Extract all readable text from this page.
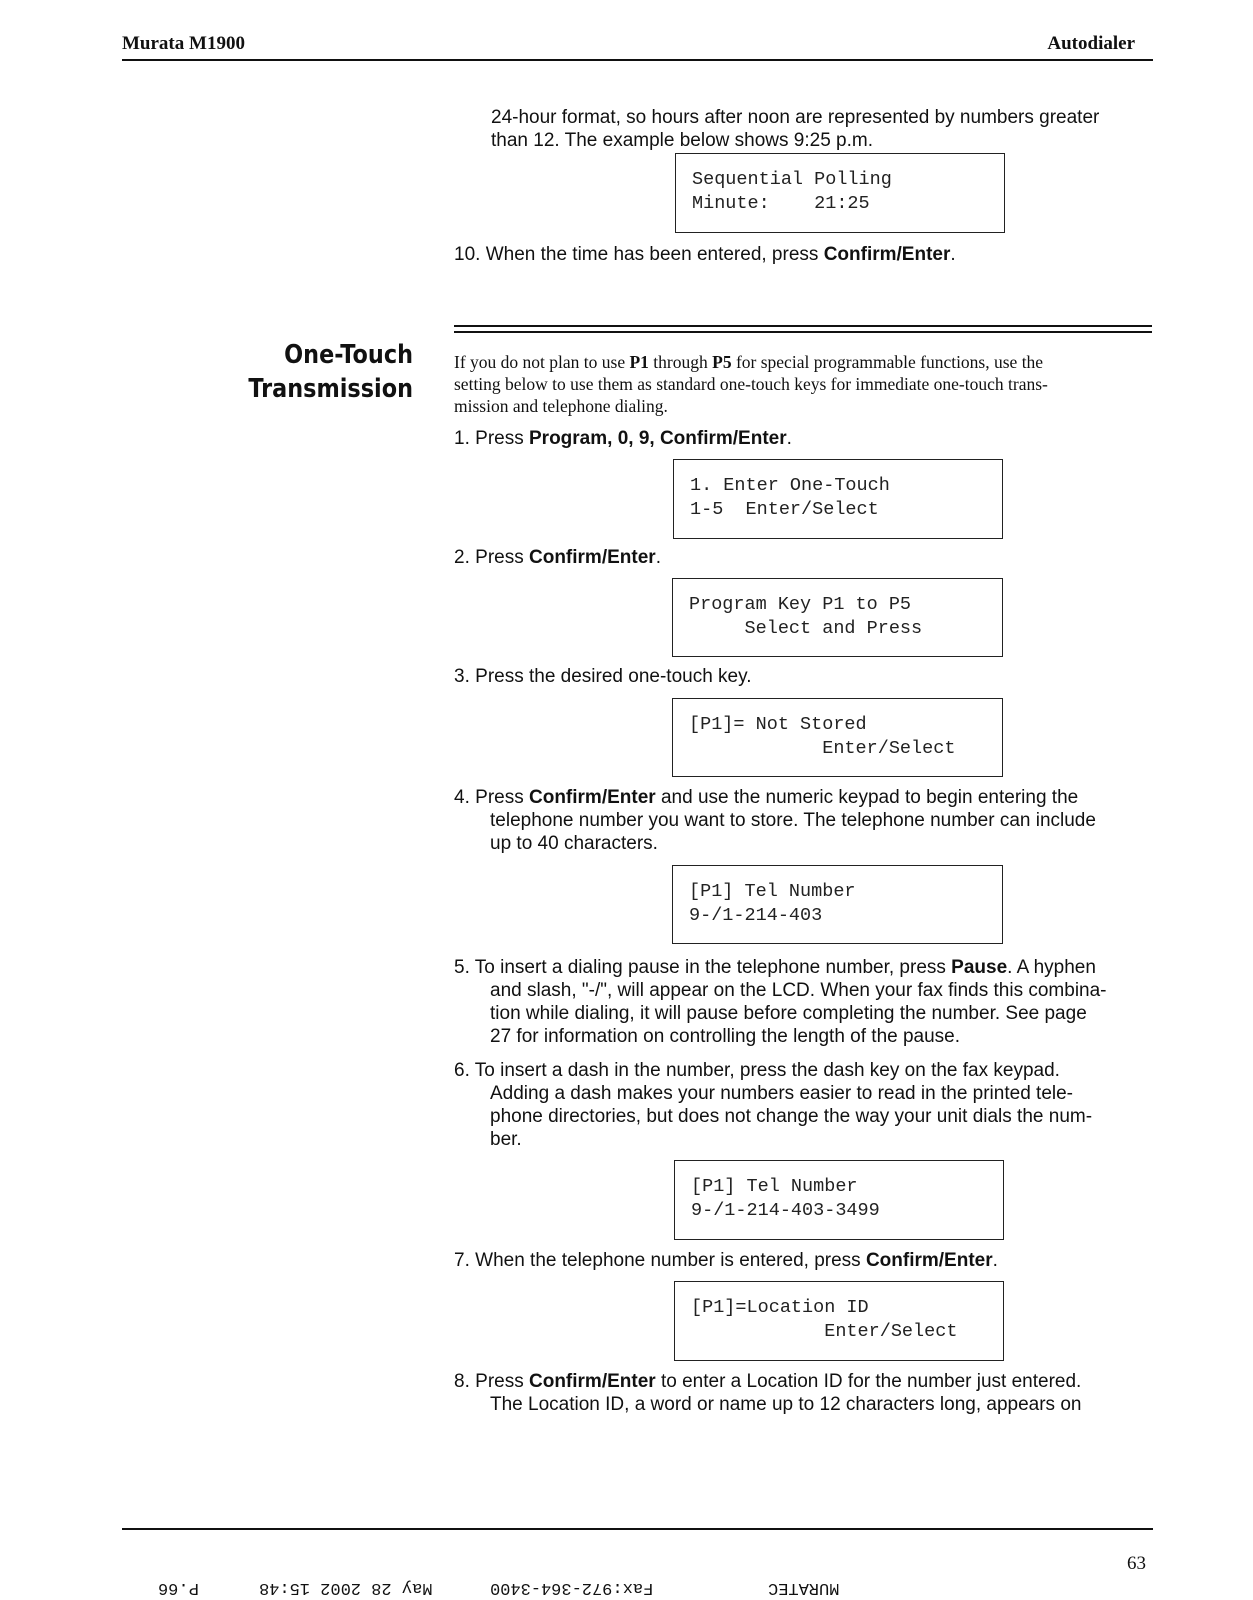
Murata M1900	Autodialer
24-hour format, so hours after noon are represented by numbers greater
than 12. The example below shows 9:25 p.m.
Sequential Polling
Minute:    21:25
10. When the time has been entered, press Confirm/Enter.
One-Touch
Transmission
If you do not plan to use P1 through P5 for special programmable functions, use the
setting below to use them as standard one-touch keys for immediate one-touch trans-
mission and telephone dialing.
1. Press Program, 0, 9, Confirm/Enter.
1. Enter One-Touch
1-5  Enter/Select
2. Press Confirm/Enter.
Program Key P1 to P5
Select and Press
3. Press the desired one-touch key.
[P1]= Not Stored
Enter/Select
4. Press Confirm/Enter and use the numeric keypad to begin entering the
telephone number you want to store. The telephone number can include
up to 40 characters.
[P1] Tel Number
9-/1-214-403
5. To insert a dialing pause in the telephone number, press Pause. A hyphen
and slash, "-/", will appear on the LCD. When your fax finds this combina-
tion while dialing, it will pause before completing the number. See page
27 for information on controlling the length of the pause.
6. To insert a dash in the number, press the dash key on the fax keypad.
Adding a dash makes your numbers easier to read in the printed tele-
phone directories, but does not change the way your unit dials the num-
ber.
[P1] Tel Number
9-/1-214-403-3499
7. When the telephone number is entered, press Confirm/Enter.
[P1]=Location ID
Enter/Select
8. Press Confirm/Enter to enter a Location ID for the number just entered.
The Location ID, a word or name up to 12 characters long, appears on
63
P.66	May 28 2002 15:48	Fax:972-364-3400	MURATEC
